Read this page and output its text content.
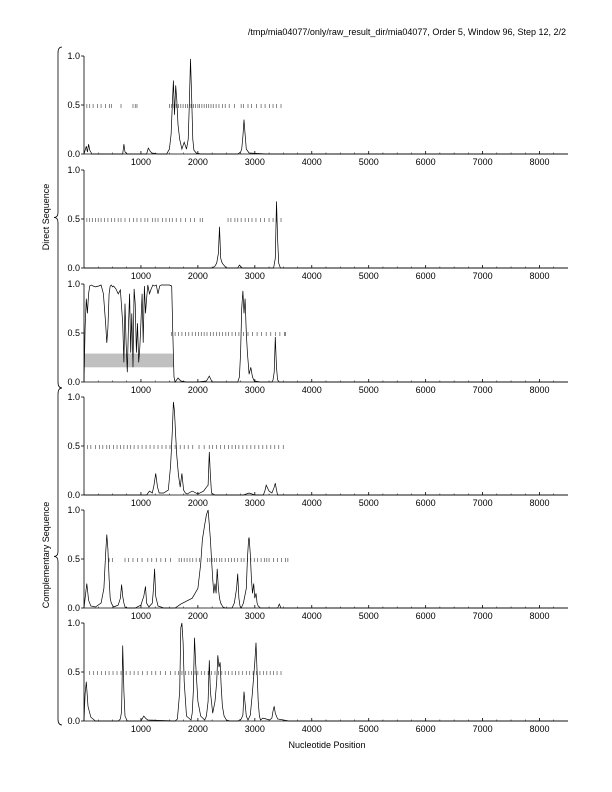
/tmp/mia04077/only/raw_result_dir/mia04077, Order 5, Window 96, Step 12, 2/2
Nucleotide Position
Direct Sequence
Complementary Sequence
0.0
0.5
1.0
1000	2000	3000	4000	5000	6000	7000	8000
0.0
0.5
1.0
1000	2000	3000	4000	5000	6000	7000	8000
0.0
0.5
1.0
1000	2000	3000	4000	5000	6000	7000	8000
0.0
0.5
1.0
1000	2000	3000	4000	5000	6000	7000	8000
0.0
0.5
1.0
1000	2000	3000	4000	5000	6000	7000	8000
0.0
0.5
1.0
1000	2000	3000	4000	5000	6000	7000	8000
